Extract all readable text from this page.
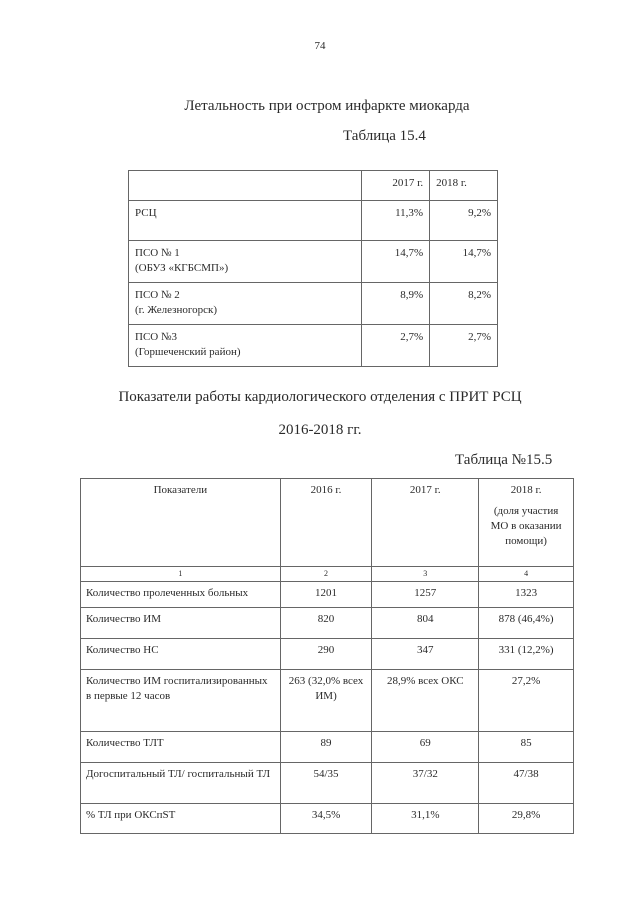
74
Летальность при остром инфаркте миокарда
Таблица 15.4
	2017 г.	2018 г.

РСЦ	11,3%	9,2%

ПСО № 1
(ОБУЗ «КГБСМП»)	14,7%	14,7%

ПСО № 2
(г. Железногорск)	8,9%	8,2%

ПСО №3
(Горшеченский район)	2,7%	2,7%
Показатели работы кардиологического отделения с ПРИТ РСЦ
2016-2018 гг.
Таблица №15.5
Показатели	2016 г.	2017 г.	2018 г.
(доля участия МО в оказании помощи)

1	2	3	4
Количество пролеченных больных	1201	1257	1323
Количество ИМ	820	804	878 (46,4%)
Количество НС	290	347	331 (12,2%)
Количество ИМ госпитализированных в первые 12 часов	263 (32,0% всех ИМ)	28,9% всех ОКС	27,2%
Количество ТЛТ	89	69	85
Догоспитальный ТЛ/ госпитальный ТЛ	54/35	37/32	47/38
% ТЛ при ОКСпST	34,5%	31,1%	29,8%
